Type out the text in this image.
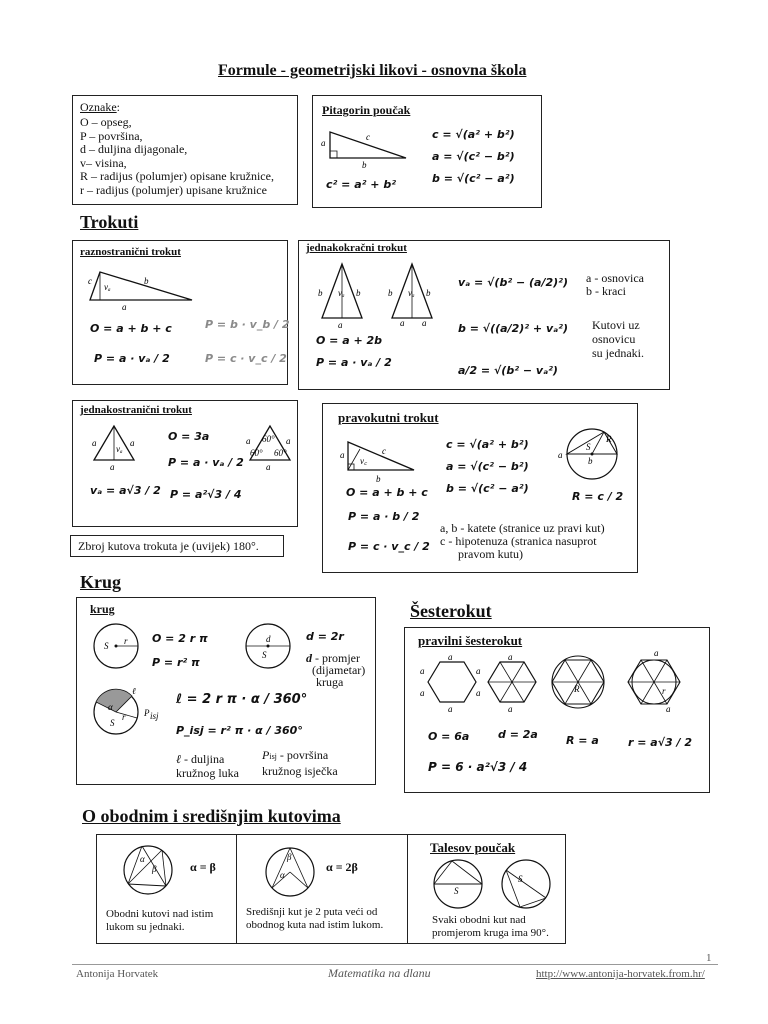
Formule - geometrijski likovi - osnovna škola
Oznake:
O – opseg,
P – površina,
d – duljina dijagonale,
v– visina,
R – radijus (polumjer) opisane kružnice,
r – radijus (polumjer) upisane kružnice
Pitagorin poučak
a
c
b
c = √(a² + b²)
a = √(c² − b²)
b = √(c² − a²)
c² = a² + b²
Trokuti
raznostranični trokut
c	b
vₐ
a
O = a + b + c
P = a · vₐ / 2
P = b · v_b / 2
P = c · v_c / 2
jednakokračni trokut
b	b
vₐ
a
b	b
vₐ
a a
O = a + 2b
P = a · vₐ / 2
vₐ = √(b² − (a/2)²)
b = √((a/2)² + vₐ²)
a/2 = √(b² − vₐ²)
a - osnovica
b - kraci
Kutovi uz
osnovicu
su jednaki.
jednakostranični trokut
a	a
vₐ
a
a	a
a
60°
60° 60°
O = 3a
P = a · vₐ / 2
vₐ = a√3 / 2 P = a²√3 / 4
Zbroj kutova trokuta je (uvijek) 180°.
pravokutni trokut
a	c
b
v꜀
c = √(a² + b²)
a = √(c² − b²)
b = √(c² − a²)
S
R
a
b
O = a + b + c	R = c / 2
P = a · b / 2
P = c · v_c / 2
a, b - katete (stranice uz pravi kut)
c - hipotenuza (stranica nasuprot
pravom kutu)
Krug
krug
S r O = 2 r π
P = r² π
d
S
d = 2r
d - promjer
(dijametar)
kruga
S
r
α
ℓ
P isj
ℓ = 2 r π · α / 360°
P_isj = r² π · α / 360°
ℓ - duljina
kružnog luka
Pisj - površina
kružnog isječka
Šesterokut
pravilni šesterokut
a
a
a	a
a	a
a
a
R
a
r
a
O = 6a	d = 2a	R = a	r = a√3 / 2
P = 6 · a²√3 / 4
O obodnim i središnjim kutovima
α
β	α = β
Obodni kutovi nad istim
lukom su jednaki.
β
α
α = 2β
Središnji kut je 2 puta veći od
obodnog kuta nad istim lukom.
Talesov poučak
S
S
Svaki obodni kut nad
promjerom kruga ima 90°.
1
Antonija Horvatek	Matematika na dlanu	http://www.antonija-horvatek.from.hr/
